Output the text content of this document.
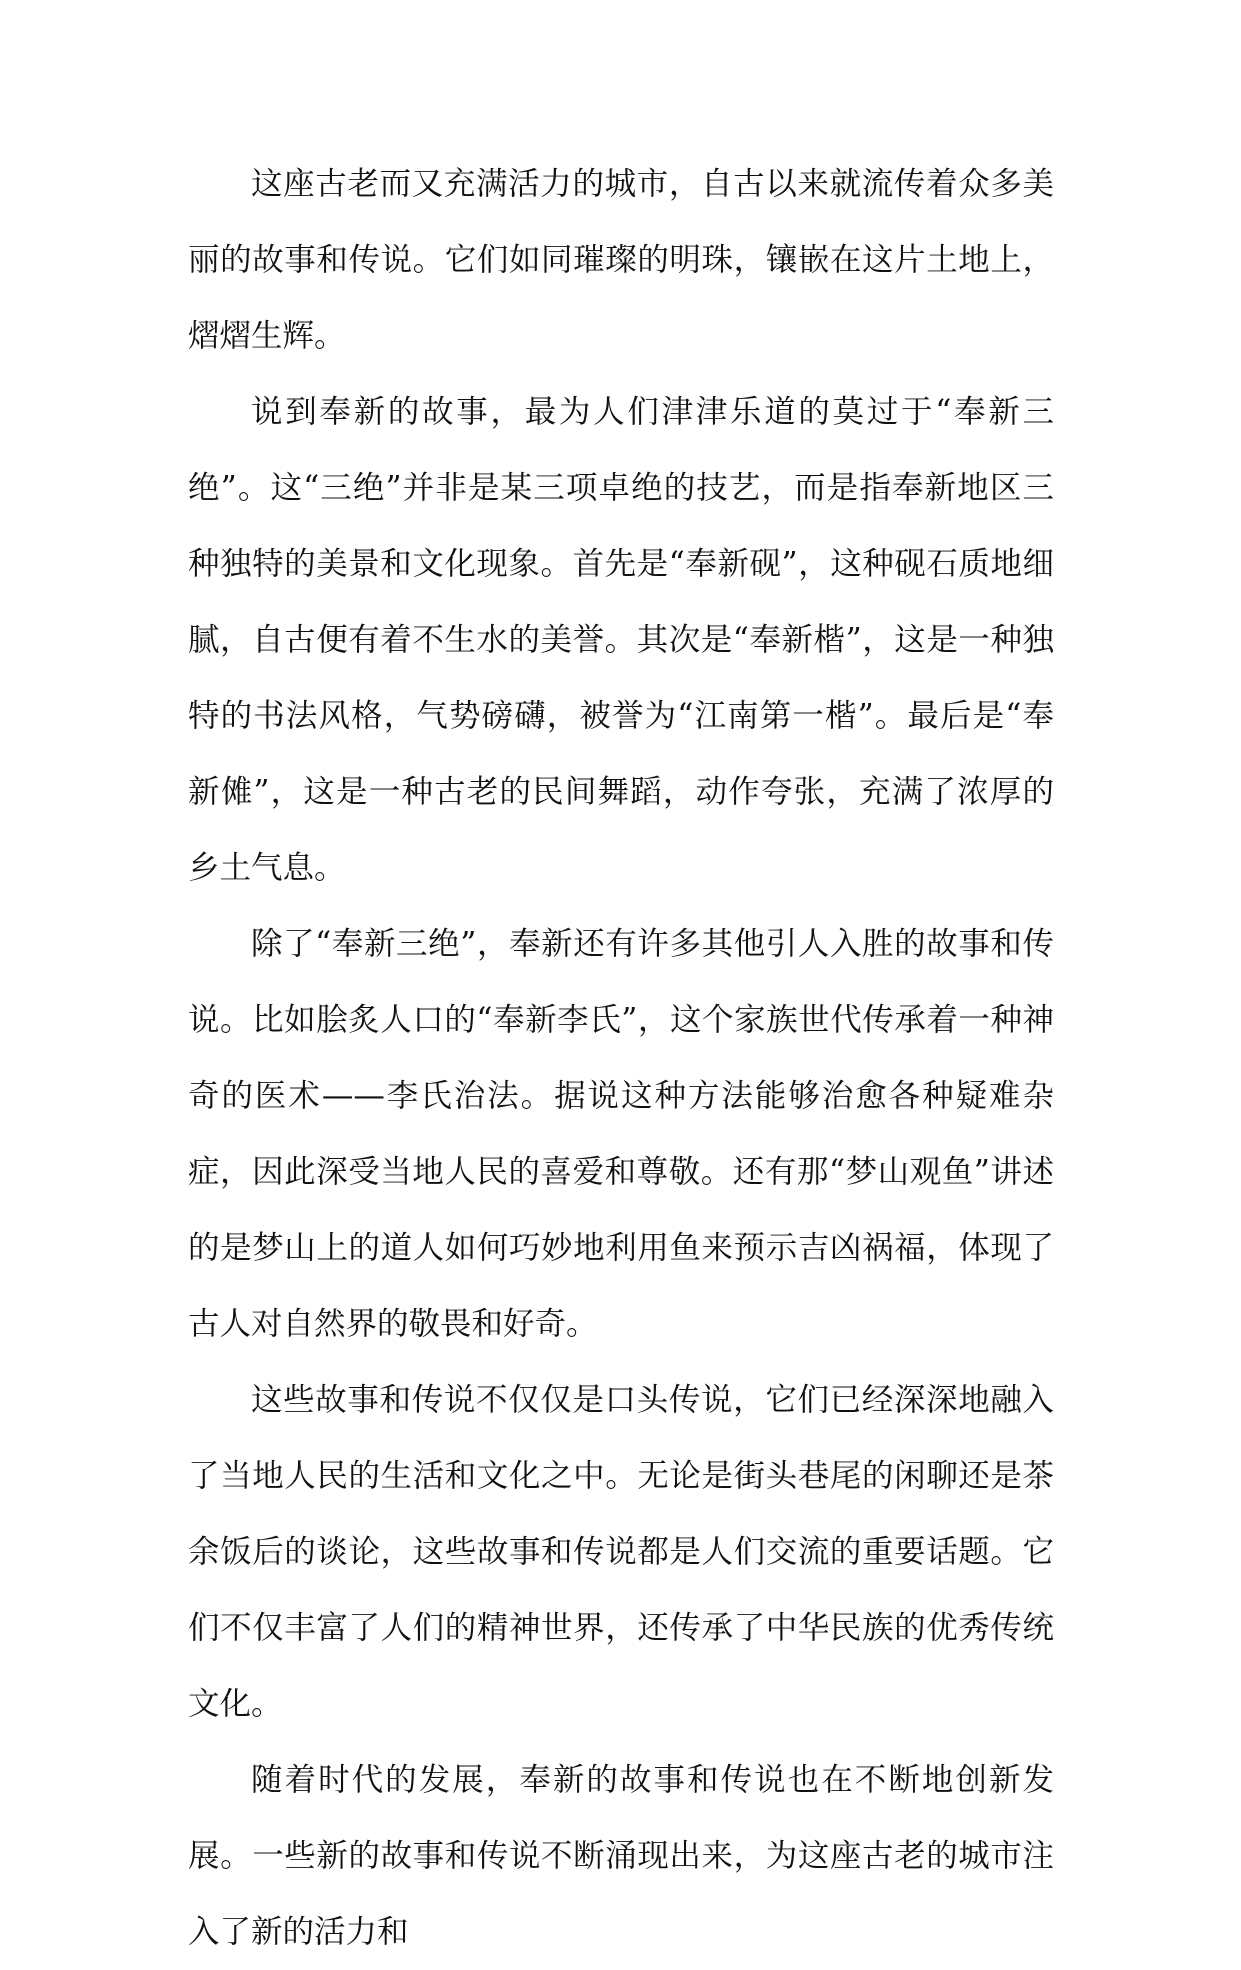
这座古老而又充满活力的城市，自古以来就流传着众多美丽的故事和传说。它们如同璀璨的明珠，镶嵌在这片土地上，熠熠生辉。

说到奉新的故事，最为人们津津乐道的莫过于“奉新三绝”。这“三绝”并非是某三项卓绝的技艺，而是指奉新地区三种独特的美景和文化现象。首先是“奉新砚”，这种砚石质地细腻，自古便有着不生水的美誉。其次是“奉新楷”，这是一种独特的书法风格，气势磅礴，被誉为“江南第一楷”。最后是“奉新傩”，这是一种古老的民间舞蹈，动作夸张，充满了浓厚的乡土气息。

除了“奉新三绝”，奉新还有许多其他引人入胜的故事和传说。比如脍炙人口的“奉新李氏”，这个家族世代传承着一种神奇的医术——李氏治法。据说这种方法能够治愈各种疑难杂症，因此深受当地人民的喜爱和尊敬。还有那“梦山观鱼”讲述的是梦山上的道人如何巧妙地利用鱼来预示吉凶祸福，体现了古人对自然界的敬畏和好奇。

这些故事和传说不仅仅是口头传说，它们已经深深地融入了当地人民的生活和文化之中。无论是街头巷尾的闲聊还是茶余饭后的谈论，这些故事和传说都是人们交流的重要话题。它们不仅丰富了人们的精神世界，还传承了中华民族的优秀传统文化。

随着时代的发展，奉新的故事和传说也在不断地创新发展。一些新的故事和传说不断涌现出来，为这座古老的城市注入了新的活力和
